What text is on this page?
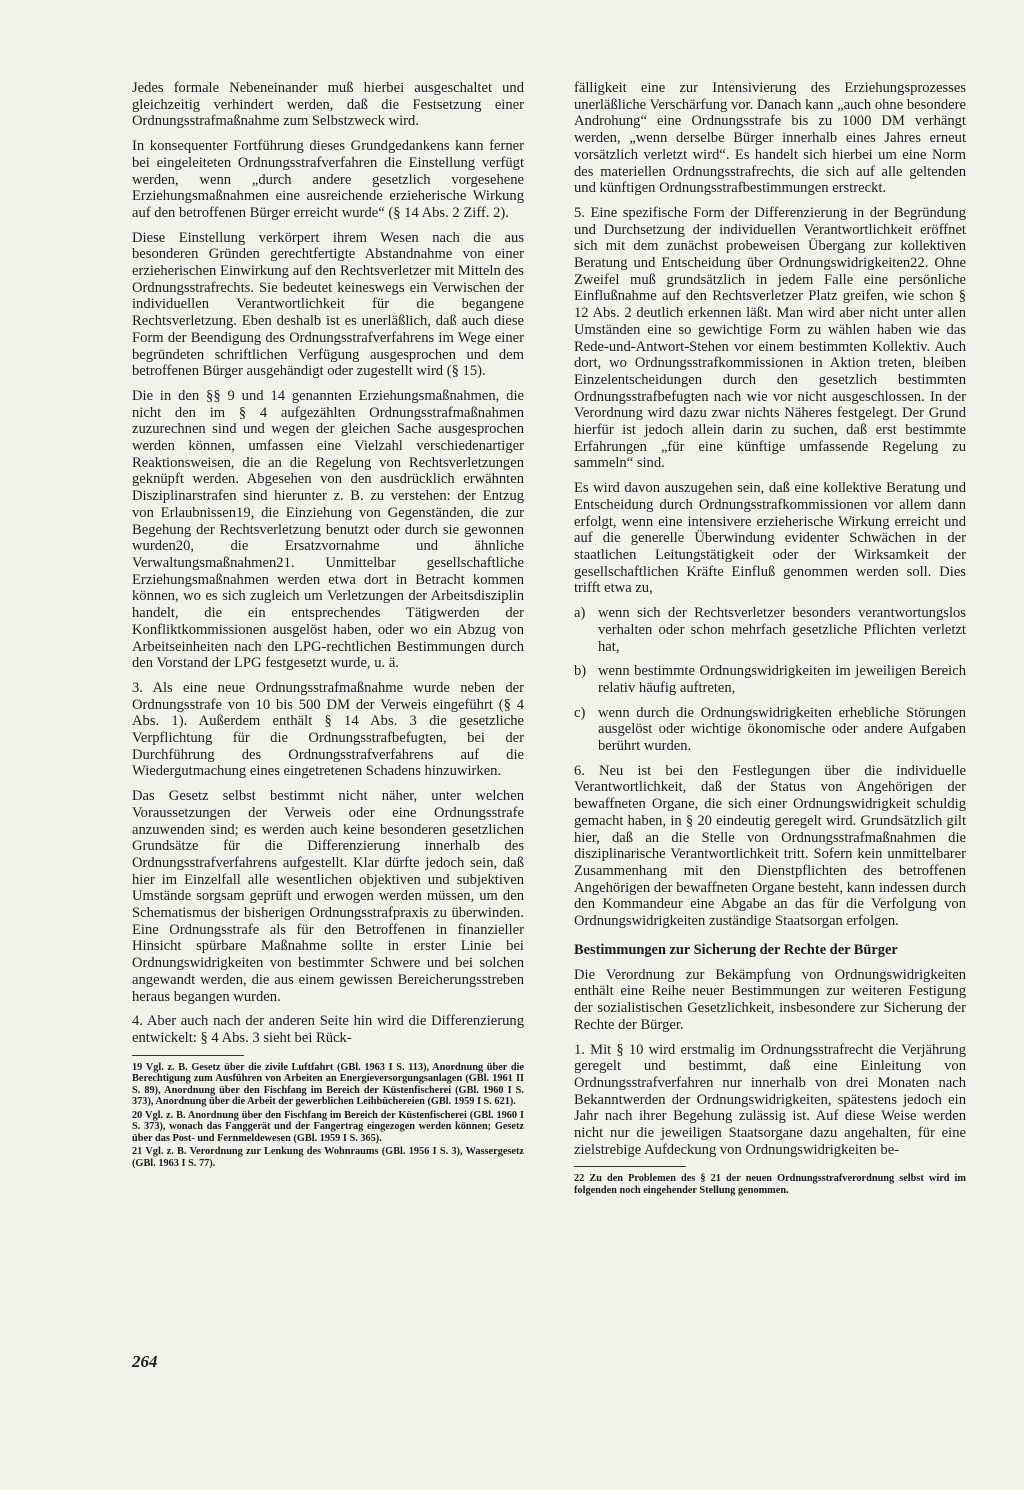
Jedes formale Nebeneinander muß hierbei ausgeschaltet und gleichzeitig verhindert werden, daß die Festsetzung einer Ordnungsstrafmaßnahme zum Selbstzweck wird.

In konsequenter Fortführung dieses Grundgedankens kann ferner bei eingeleiteten Ordnungsstrafverfahren die Einstellung verfügt werden, wenn „durch andere gesetzlich vorgesehene Erziehungsmaßnahmen eine ausreichende erzieherische Wirkung auf den betroffenen Bürger erreicht wurde“ (§ 14 Abs. 2 Ziff. 2).

Diese Einstellung verkörpert ihrem Wesen nach die aus besonderen Gründen gerechtfertigte Abstandnahme von einer erzieherischen Einwirkung auf den Rechtsverletzer mit Mitteln des Ordnungsstrafrechts. Sie bedeutet keineswegs ein Verwischen der individuellen Verantwortlichkeit für die begangene Rechtsverletzung. Eben deshalb ist es unerläßlich, daß auch diese Form der Beendigung des Ordnungsstrafverfahrens im Wege einer begründeten schriftlichen Verfügung ausgesprochen und dem betroffenen Bürger ausgehändigt oder zugestellt wird (§ 15).

Die in den §§ 9 und 14 genannten Erziehungsmaßnahmen, die nicht den im § 4 aufgezählten Ordnungsstrafmaßnahmen zuzurechnen sind und wegen der gleichen Sache ausgesprochen werden können, umfassen eine Vielzahl verschiedenartiger Reaktionsweisen, die an die Regelung von Rechtsverletzungen geknüpft werden. Abgesehen von den ausdrücklich erwähnten Disziplinarstrafen sind hierunter z. B. zu verstehen: der Entzug von Erlaubnissen19, die Einziehung von Gegenständen, die zur Begehung der Rechtsverletzung benutzt oder durch sie gewonnen wurden20, die Ersatzvornahme und ähnliche Verwaltungsmaßnahmen21. Unmittelbar gesellschaftliche Erziehungsmaßnahmen werden etwa dort in Betracht kommen können, wo es sich zugleich um Verletzungen der Arbeitsdisziplin handelt, die ein entsprechendes Tätigwerden der Konfliktkommissionen ausgelöst haben, oder wo ein Abzug von Arbeitseinheiten nach den LPG-rechtlichen Bestimmungen durch den Vorstand der LPG festgesetzt wurde, u. ä.

3. Als eine neue Ordnungsstrafmaßnahme wurde neben der Ordnungsstrafe von 10 bis 500 DM der Verweis eingeführt (§ 4 Abs. 1). Außerdem enthält § 14 Abs. 3 die gesetzliche Verpflichtung für die Ordnungsstrafbefugten, bei der Durchführung des Ordnungsstrafverfahrens auf die Wiedergutmachung eines eingetretenen Schadens hinzuwirken.

Das Gesetz selbst bestimmt nicht näher, unter welchen Voraussetzungen der Verweis oder eine Ordnungsstrafe anzuwenden sind; es werden auch keine besonderen gesetzlichen Grundsätze für die Differenzierung innerhalb des Ordnungsstrafverfahrens aufgestellt. Klar dürfte jedoch sein, daß hier im Einzelfall alle wesentlichen objektiven und subjektiven Umstände sorgsam geprüft und erwogen werden müssen, um den Schematismus der bisherigen Ordnungsstrafpraxis zu überwinden. Eine Ordnungsstrafe als für den Betroffenen in finanzieller Hinsicht spürbare Maßnahme sollte in erster Linie bei Ordnungswidrigkeiten von bestimmter Schwere und bei solchen angewandt werden, die aus einem gewissen Bereicherungsstreben heraus begangen wurden.

4. Aber auch nach der anderen Seite hin wird die Differenzierung entwickelt: § 4 Abs. 3 sieht bei Rück-

19 Vgl. z. B. Gesetz über die zivile Luftfahrt (GBl. 1963 I S. 113), Anordnung über die Berechtigung zum Ausführen von Arbeiten an Energieversorgungsanlagen (GBl. 1961 II S. 89), Anordnung über den Fischfang im Bereich der Küstenfischerei (GBl. 1960 I S. 373), Anordnung über die Arbeit der gewerblichen Leihbüchereien (GBl. 1959 I S. 621).

20 Vgl. z. B. Anordnung über den Fischfang im Bereich der Küstenfischerei (GBl. 1960 I S. 373), wonach das Fanggerät und der Fangertrag eingezogen werden können; Gesetz über das Post- und Fernmeldewesen (GBl. 1959 I S. 365).

21 Vgl. z. B. Verordnung zur Lenkung des Wohnraums (GBl. 1956 I S. 3), Wassergesetz (GBl. 1963 I S. 77).

fälligkeit eine zur Intensivierung des Erziehungsprozesses unerläßliche Verschärfung vor. Danach kann „auch ohne besondere Androhung“ eine Ordnungsstrafe bis zu 1000 DM verhängt werden, „wenn derselbe Bürger innerhalb eines Jahres erneut vorsätzlich verletzt wird“. Es handelt sich hierbei um eine Norm des materiellen Ordnungsstrafrechts, die sich auf alle geltenden und künftigen Ordnungsstrafbestimmungen erstreckt.

5. Eine spezifische Form der Differenzierung in der Begründung und Durchsetzung der individuellen Verantwortlichkeit eröffnet sich mit dem zunächst probeweisen Übergang zur kollektiven Beratung und Entscheidung über Ordnungswidrigkeiten22. Ohne Zweifel muß grundsätzlich in jedem Falle eine persönliche Einflußnahme auf den Rechtsverletzer Platz greifen, wie schon § 12 Abs. 2 deutlich erkennen läßt. Man wird aber nicht unter allen Umständen eine so gewichtige Form zu wählen haben wie das Rede-und-Antwort-Stehen vor einem bestimmten Kollektiv. Auch dort, wo Ordnungsstrafkommissionen in Aktion treten, bleiben Einzelentscheidungen durch den gesetzlich bestimmten Ordnungsstrafbefugten nach wie vor nicht ausgeschlossen. In der Verordnung wird dazu zwar nichts Näheres festgelegt. Der Grund hierfür ist jedoch allein darin zu suchen, daß erst bestimmte Erfahrungen „für eine künftige umfassende Regelung zu sammeln“ sind.

Es wird davon auszugehen sein, daß eine kollektive Beratung und Entscheidung durch Ordnungsstrafkommissionen vor allem dann erfolgt, wenn eine intensivere erzieherische Wirkung erreicht und auf die generelle Überwindung evidenter Schwächen in der staatlichen Leitungstätigkeit oder der Wirksamkeit der gesellschaftlichen Kräfte Einfluß genommen werden soll. Dies trifft etwa zu,

a) wenn sich der Rechtsverletzer besonders verantwortungslos verhalten oder schon mehrfach gesetzliche Pflichten verletzt hat,
b) wenn bestimmte Ordnungswidrigkeiten im jeweiligen Bereich relativ häufig auftreten,
c) wenn durch die Ordnungswidrigkeiten erhebliche Störungen ausgelöst oder wichtige ökonomische oder andere Aufgaben berührt wurden.

6. Neu ist bei den Festlegungen über die individuelle Verantwortlichkeit, daß der Status von Angehörigen der bewaffneten Organe, die sich einer Ordnungswidrigkeit schuldig gemacht haben, in § 20 eindeutig geregelt wird. Grundsätzlich gilt hier, daß an die Stelle von Ordnungsstrafmaßnahmen die disziplinarische Verantwortlichkeit tritt. Sofern kein unmittelbarer Zusammenhang mit den Dienstpflichten des betroffenen Angehörigen der bewaffneten Organe besteht, kann indessen durch den Kommandeur eine Abgabe an das für die Verfolgung von Ordnungswidrigkeiten zuständige Staatsorgan erfolgen.

Bestimmungen zur Sicherung der Rechte der Bürger

Die Verordnung zur Bekämpfung von Ordnungswidrigkeiten enthält eine Reihe neuer Bestimmungen zur weiteren Festigung der sozialistischen Gesetzlichkeit, insbesondere zur Sicherung der Rechte der Bürger.

1. Mit § 10 wird erstmalig im Ordnungsstrafrecht die Verjährung geregelt und bestimmt, daß eine Einleitung von Ordnungsstrafverfahren nur innerhalb von drei Monaten nach Bekanntwerden der Ordnungswidrigkeiten, spätestens jedoch ein Jahr nach ihrer Begehung zulässig ist. Auf diese Weise werden nicht nur die jeweiligen Staatsorgane dazu angehalten, für eine zielstrebige Aufdeckung von Ordnungswidrigkeiten be-

22 Zu den Problemen des § 21 der neuen Ordnungsstrafverordnung selbst wird im folgenden noch eingehender Stellung genommen.

264
